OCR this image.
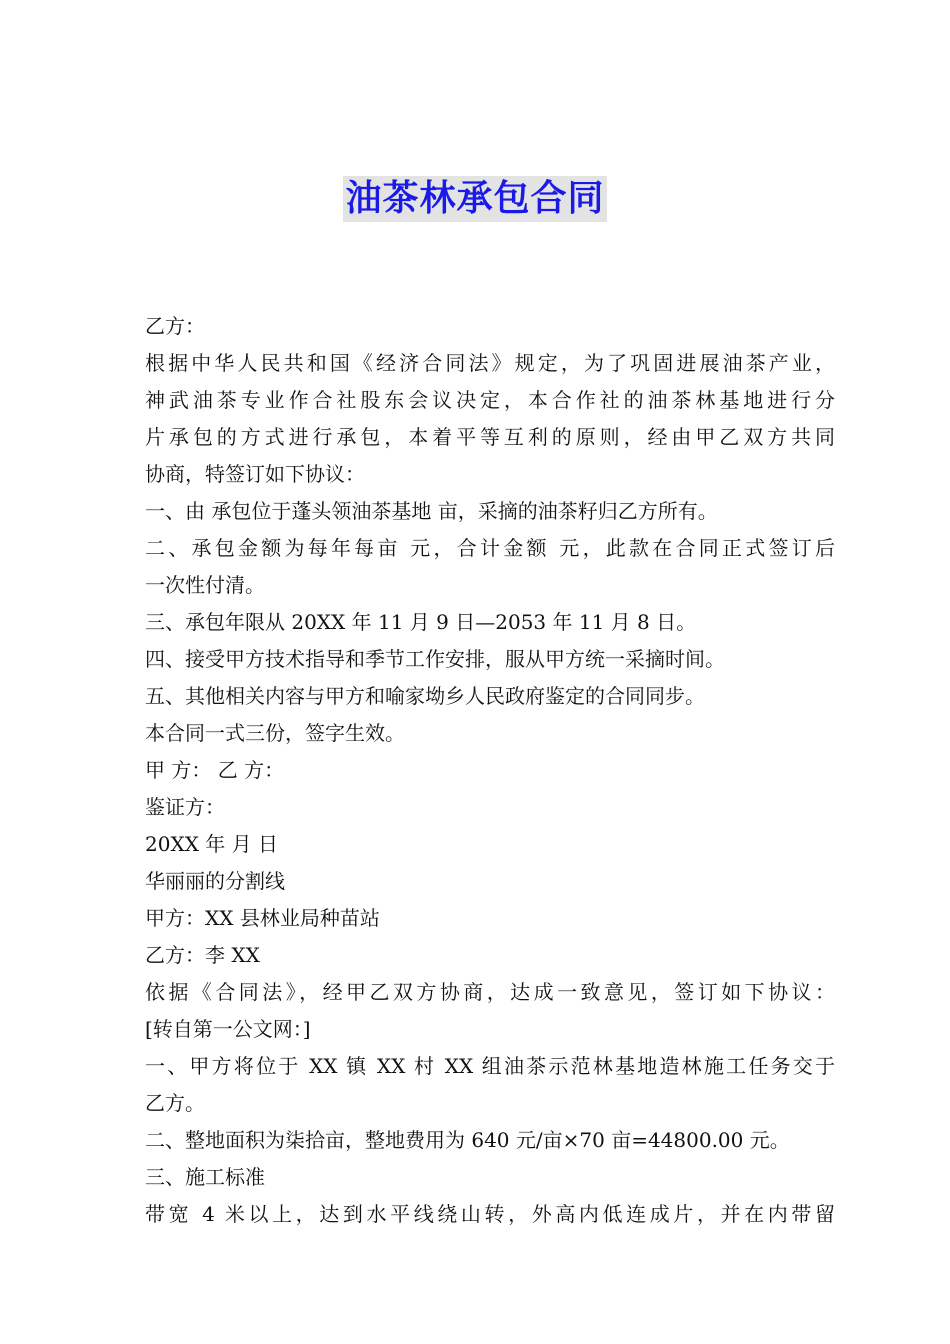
油茶林承包合同

乙方：

根据中华人民共和国《经济合同法》规定，为了巩固进展油茶产业，

神武油茶专业作合社股东会议决定，本合作社的油茶林基地进行分

片承包的方式进行承包，本着平等互利的原则，经由甲乙双方共同

协商，特签订如下协议：

一、由 承包位于蓬头领油茶基地 亩，采摘的油茶籽归乙方所有。

二、承包金额为每年每亩 元，合计金额 元，此款在合同正式签订后

一次性付清。

三、承包年限从 20XX 年 11 月 9 日—2053 年 11 月 8 日。

四、接受甲方技术指导和季节工作安排，服从甲方统一采摘时间。

五、其他相关内容与甲方和喻家坳乡人民政府鉴定的合同同步。

本合同一式三份，签字生效。

甲 方： 乙 方：

鉴证方：

20XX 年 月 日

华丽丽的分割线

甲方：XX 县林业局种苗站

乙方：李 XX

依据《合同法》，经甲乙双方协商，达成一致意见，签订如下协议：

[转自第一公文网：]

一、甲方将位于 XX 镇 XX 村 XX 组油茶示范林基地造林施工任务交于

乙方。

二、整地面积为柒拾亩，整地费用为 640 元/亩×70 亩=44800.00 元。

三、施工标准

带宽 4 米以上，达到水平线绕山转，外高内低连成片，并在内带留
